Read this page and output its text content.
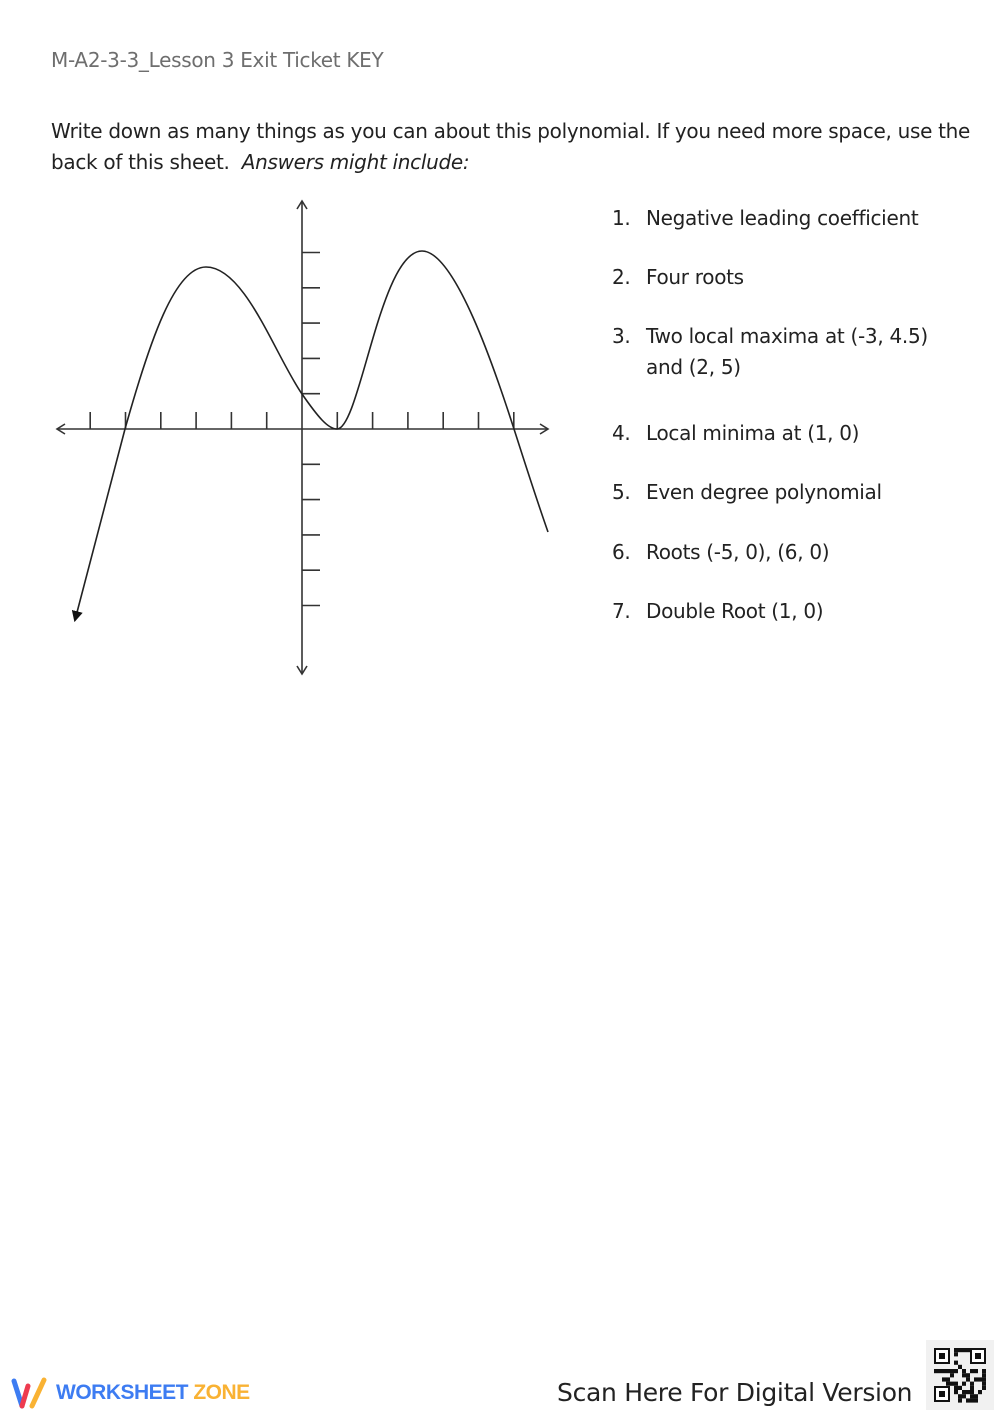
M-A2-3-3_Lesson 3 Exit Ticket KEY
Write down as many things as you can about this polynomial. If you need more space, use the back of this sheet. Answers might include:
1. Negative leading coefficient
2. Four roots
3. Two local maxima at (-3, 4.5) and (2, 5)
4. Local minima at (1, 0)
5. Even degree polynomial
6. Roots (-5, 0), (6, 0)
7. Double Root (1, 0)
WORKSHEET ZONE	Scan Here For Digital Version
